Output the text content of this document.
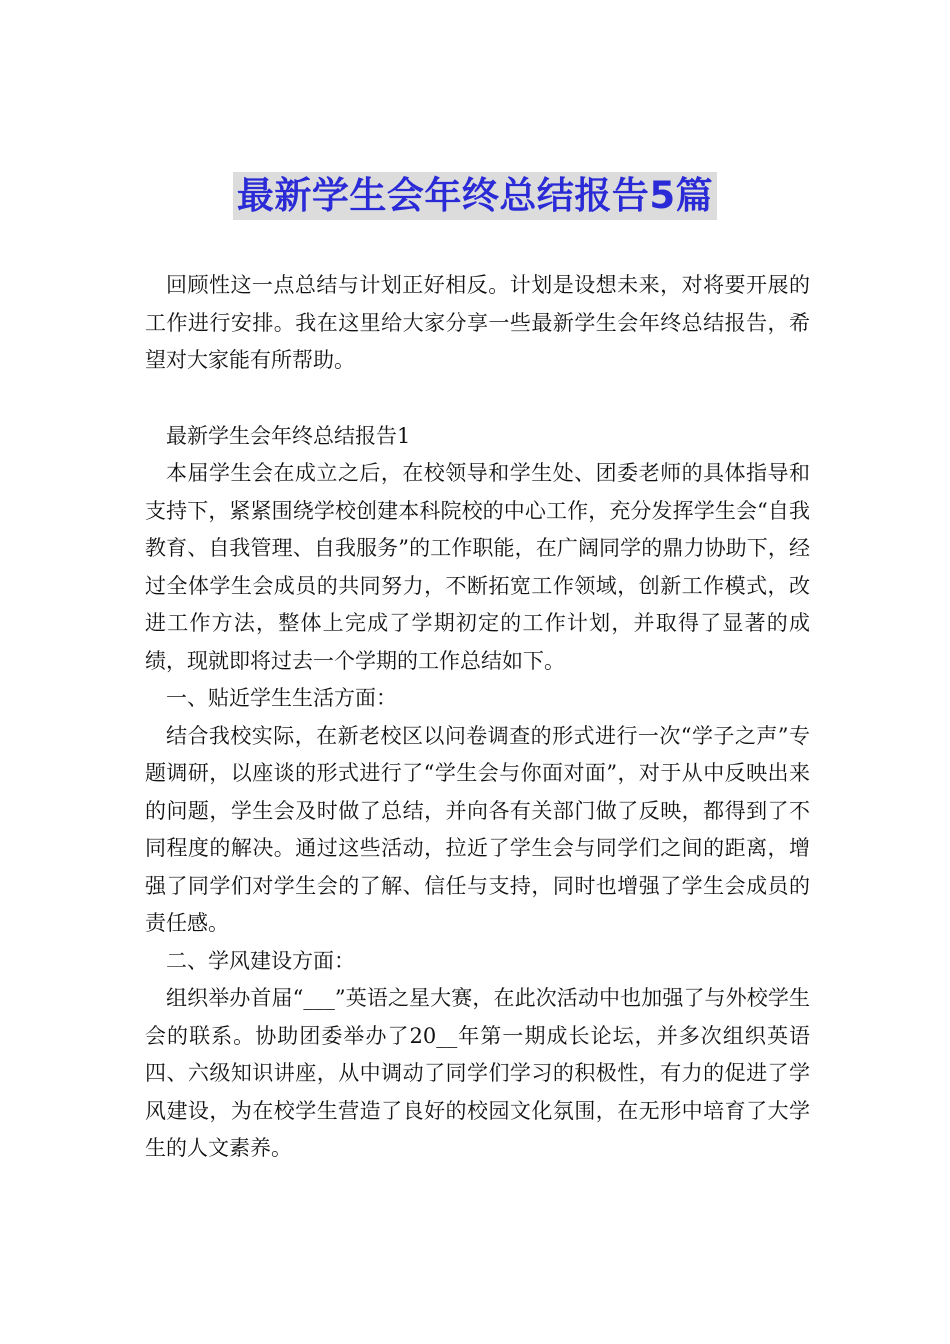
最新学生会年终总结报告5篇

回顾性这一点总结与计划正好相反。计划是设想未来，对将要开展的工作进行安排。我在这里给大家分享一些最新学生会年终总结报告，希望对大家能有所帮助。

最新学生会年终总结报告1

本届学生会在成立之后，在校领导和学生处、团委老师的具体指导和支持下，紧紧围绕学校创建本科院校的中心工作，充分发挥学生会“自我教育、自我管理、自我服务”的工作职能，在广阔同学的鼎力协助下，经过全体学生会成员的共同努力，不断拓宽工作领域，创新工作模式，改进工作方法，整体上完成了学期初定的工作计划，并取得了显著的成绩，现就即将过去一个学期的工作总结如下。

一、贴近学生生活方面：

结合我校实际，在新老校区以问卷调查的形式进行一次“学子之声”专题调研，以座谈的形式进行了“学生会与你面对面”，对于从中反映出来的问题，学生会及时做了总结，并向各有关部门做了反映，都得到了不同程度的解决。通过这些活动，拉近了学生会与同学们之间的距离，增强了同学们对学生会的了解、信任与支持，同时也增强了学生会成员的责任感。

二、学风建设方面：

组织举办首届“___”英语之星大赛，在此次活动中也加强了与外校学生会的联系。协助团委举办了20__年第一期成长论坛，并多次组织英语四、六级知识讲座，从中调动了同学们学习的积极性，有力的促进了学风建设，为在校学生营造了良好的校园文化氛围，在无形中培育了大学生的人文素养。
